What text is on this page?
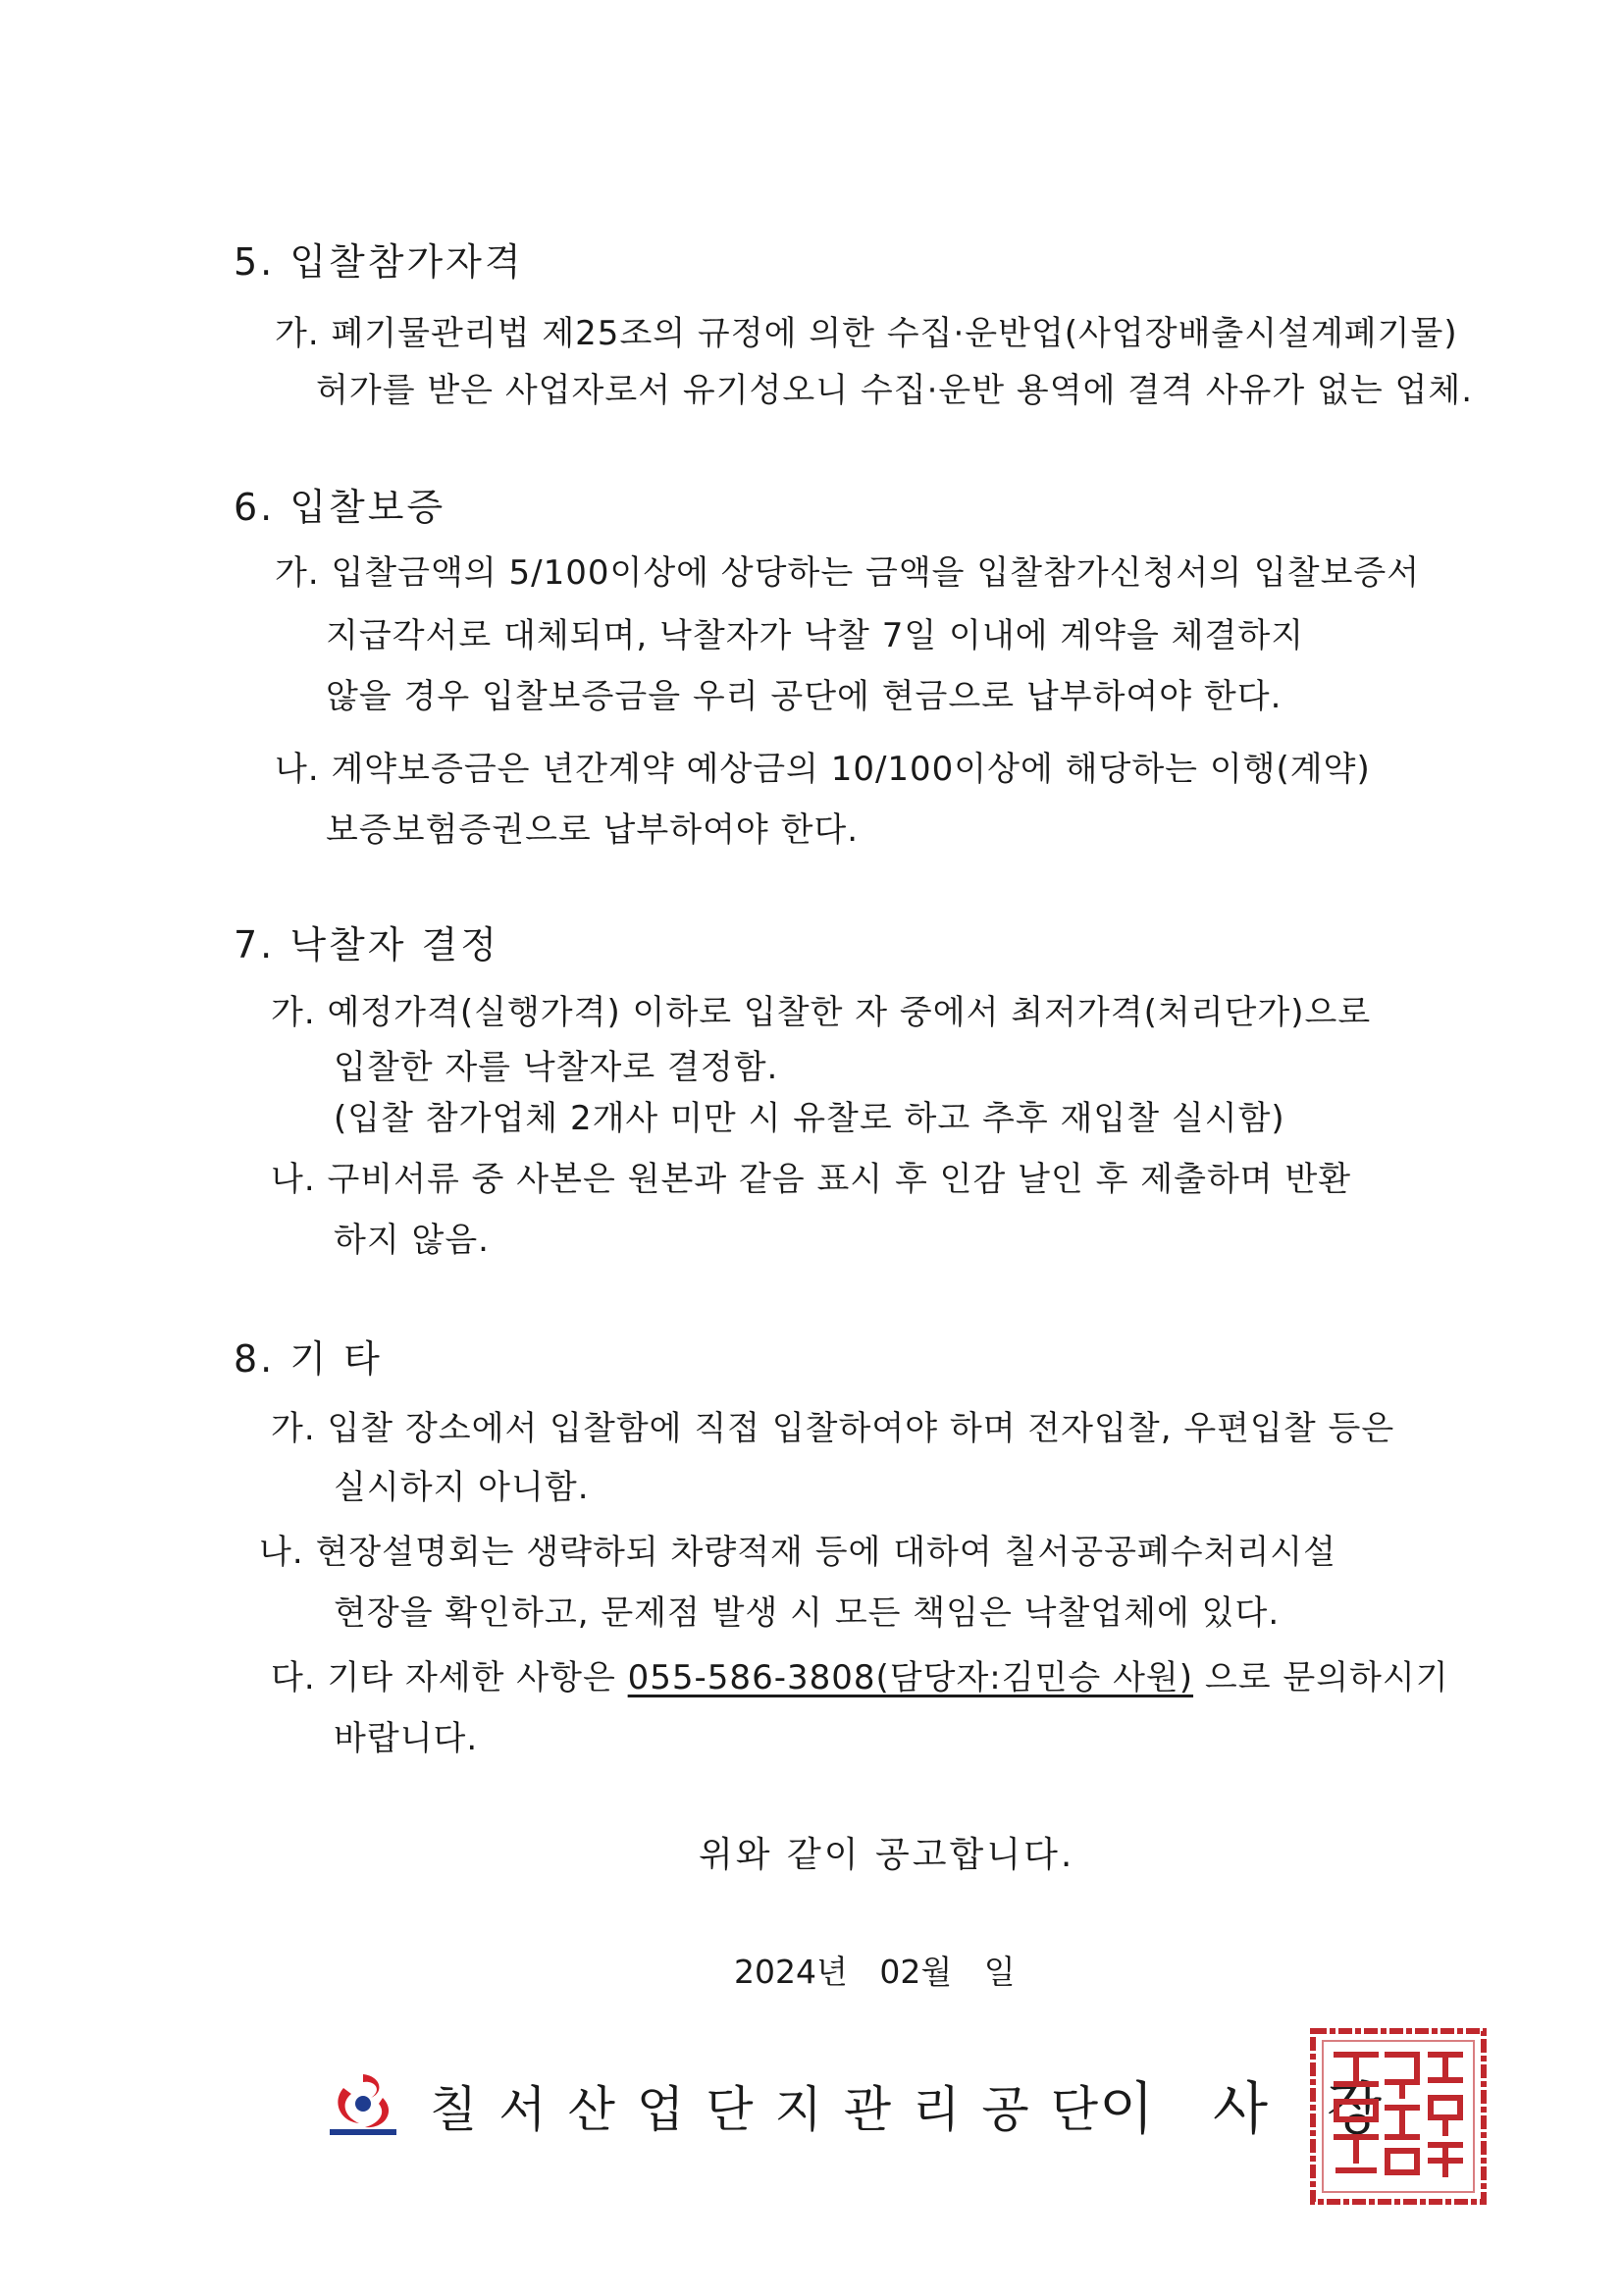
5. 입찰참가자격

가. 폐기물관리법 제25조의 규정에 의한 수집·운반업(사업장배출시설계폐기물)

허가를 받은 사업자로서 유기성오니 수집·운반 용역에 결격 사유가 없는 업체.

6. 입찰보증

가. 입찰금액의 5/100이상에 상당하는 금액을 입찰참가신청서의 입찰보증서

지급각서로 대체되며, 낙찰자가 낙찰 7일 이내에 계약을 체결하지

않을 경우 입찰보증금을 우리 공단에 현금으로 납부하여야 한다.

나. 계약보증금은 년간계약 예상금의 10/100이상에 해당하는 이행(계약)

보증보험증권으로 납부하여야 한다.

7. 낙찰자 결정

가. 예정가격(실행가격) 이하로 입찰한 자 중에서 최저가격(처리단가)으로

입찰한 자를 낙찰자로 결정함.

(입찰 참가업체 2개사 미만 시 유찰로 하고 추후 재입찰 실시함)

나. 구비서류 중 사본은 원본과 같음 표시 후 인감 날인 후 제출하며 반환

하지 않음.

8. 기 타

가. 입찰 장소에서 입찰함에 직접 입찰하여야 하며 전자입찰, 우편입찰 등은

실시하지 아니함.

나. 현장설명회는 생략하되 차량적재 등에 대하여 칠서공공폐수처리시설

현장을 확인하고, 문제점 발생 시 모든 책임은 낙찰업체에 있다.

다. 기타 자세한 사항은 055-586-3808(담당자:김민승 사원) 으로 문의하시기

바랍니다.

위와 같이 공고합니다.
2024년 02월 일
칠서산업단지관리공단
이사장
